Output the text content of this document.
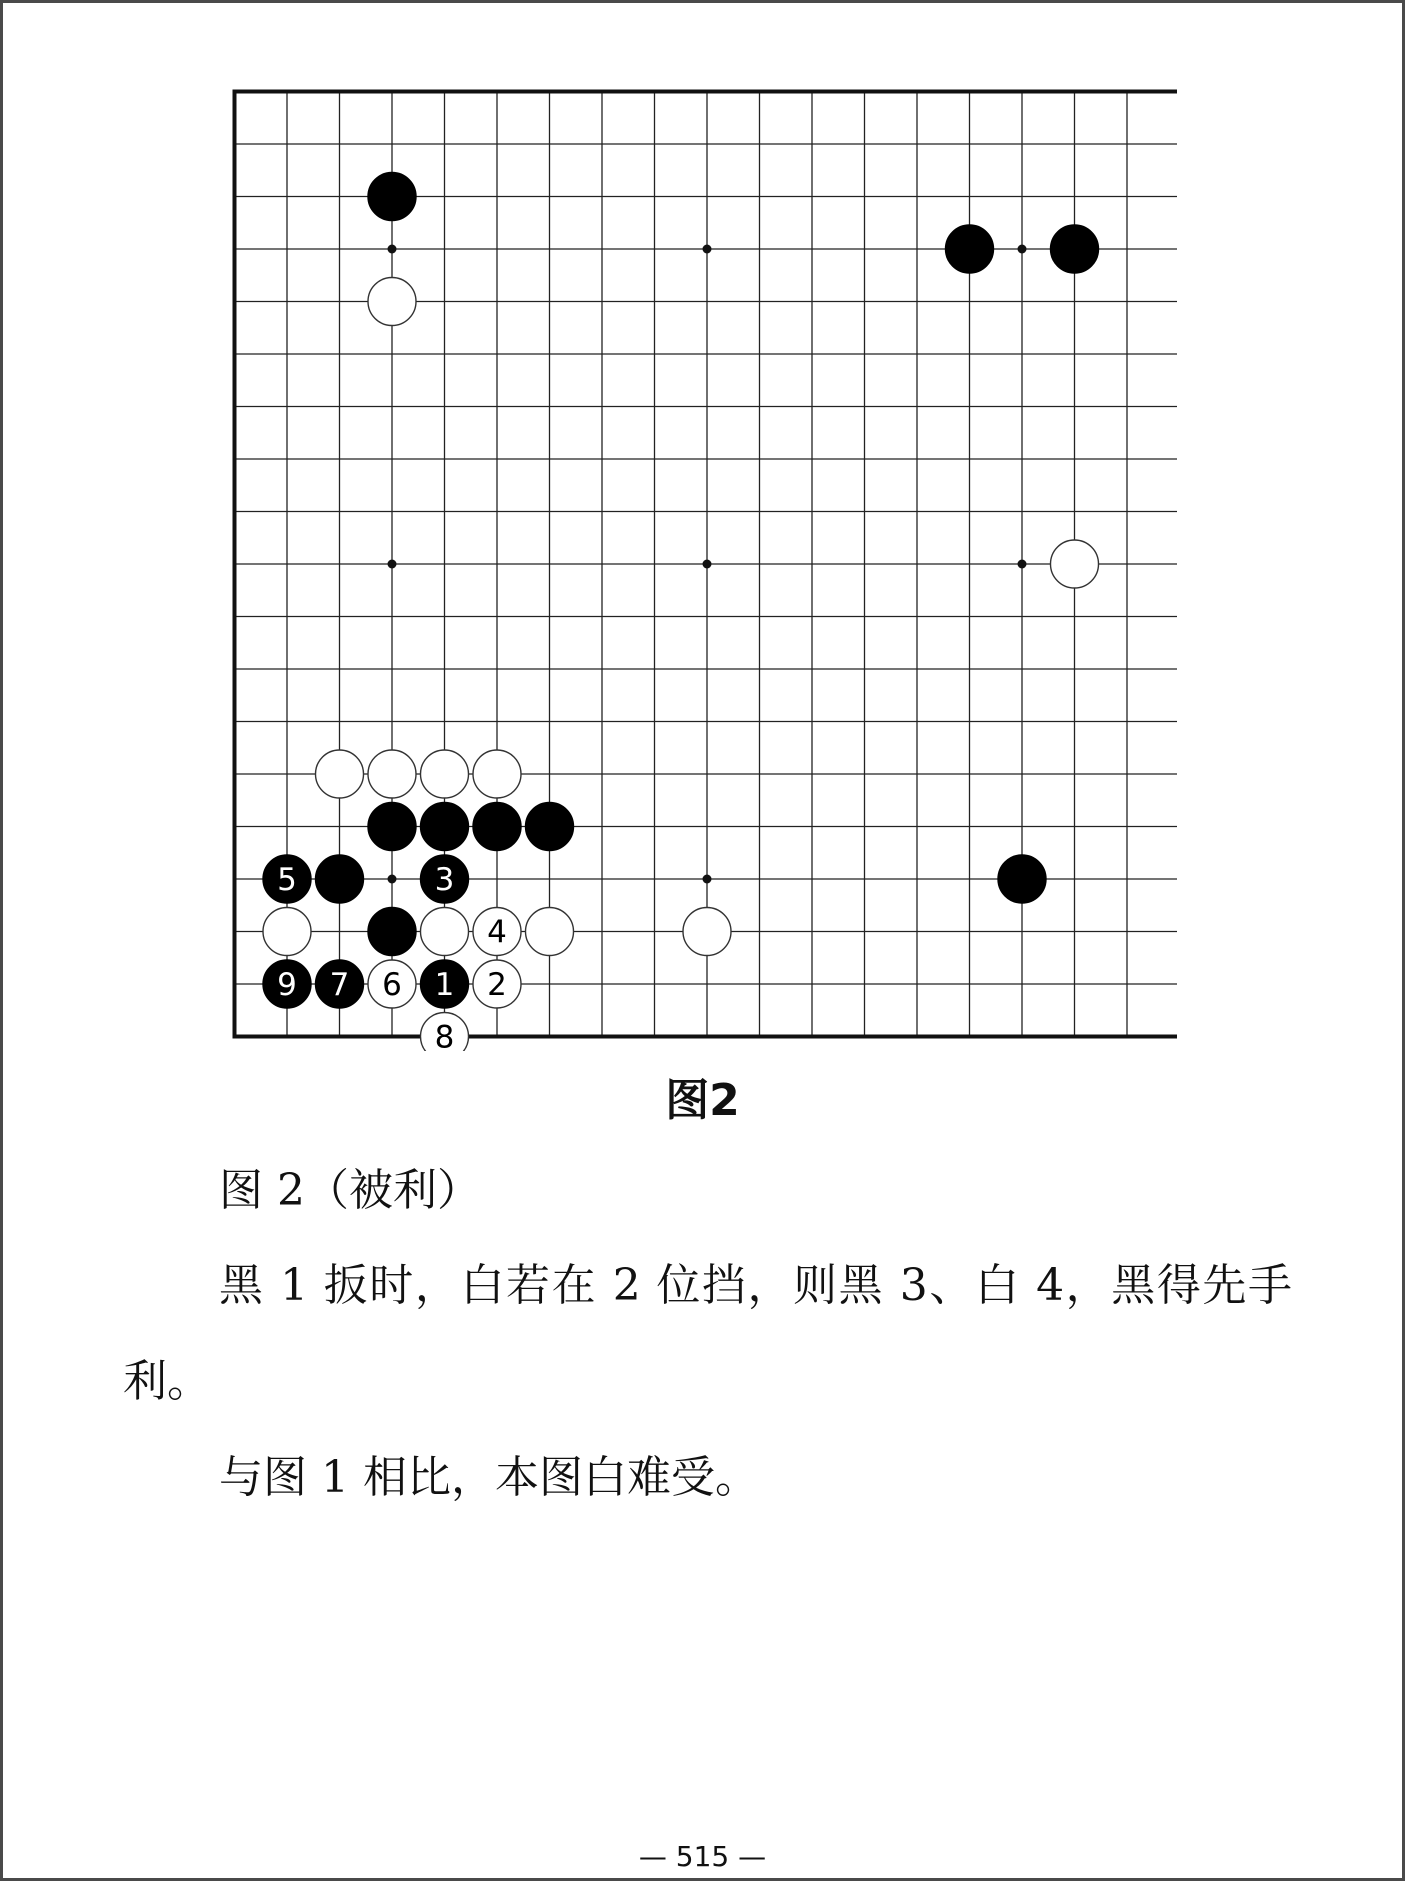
1 2
3
4
5
6
7
8
9
图2

图 2（被利）

黑 1 扳时，白若在 2 位挡，则黑 3、白 4，黑得先手利。

与图 1 相比，本图白难受。

— 515 —
